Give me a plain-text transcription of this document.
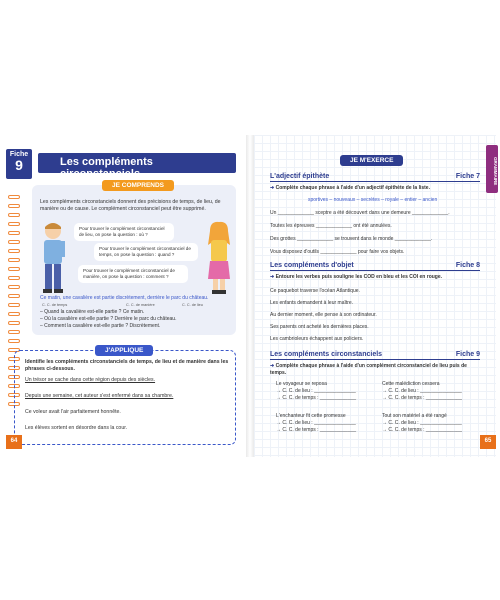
Fiche
9	Les compléments circonstanciels
JE COMPRENDS
Les compléments circonstanciels donnent des précisions de temps, de lieu, de manière ou de cause. Le complément circonstanciel peut être supprimé.
Pour trouver le complément circonstanciel de lieu, on pose la question : où ?
Pour trouver le complément circonstanciel de temps, on pose la question : quand ?
Pour trouver le complément circonstanciel de manière, on pose la question : comment ?
Ce matin, une cavalière est partie discrètement, derrière le parc du château.
C. C. de temps	C. C. de manière	C. C. de lieu
– Quand la cavalière est-elle partie ? Ce matin.
– Où la cavalière est-elle partie ? Derrière le parc du château.
– Comment la cavalière est-elle partie ? Discrètement.
J'APPLIQUE
Identifie les compléments circonstanciels de temps, de lieu et de manière dans les phrases ci-dessous.
Un trésor se cache dans cette région depuis des siècles.
Depuis une semaine, cet auteur s'est enfermé dans sa chambre.
Ce voleur avait l'air parfaitement honnête.
Les élèves sortent en désordre dans la cour.
64
GRAMMAIRE
JE M'EXERCE
L'adjectif épithète	Fiche 7
➜ Complète chaque phrase à l'aide d'un adjectif épithète de la liste.
sportives – nouveaux – secrètes – royale – entier – ancien
Un _____________ sceptre a été découvert dans une demeure _____________.
Toutes les épreuves _____________ ont été annulées.
Des grottes _____________ se trouvent dans le monde _____________.
Vous disposez d'outils _____________ pour faire vos objets.
Les compléments d'objet	Fiche 8
➜ Entoure les verbes puis souligne les COD en bleu et les COI en rouge.
Ce paquebot traverse l'océan Atlantique.
Les enfants demandent à leur maître.
Au dernier moment, elle pense à son ordinateur.
Ses parents ont acheté les dernières places.
Les cambrioleurs échappent aux policiers.
Les compléments circonstanciels	Fiche 9
➜ Complète chaque phrase à l'aide d'un complément circonstanciel de lieu puis de temps.
Le voyageur se reposa
→ C. C. de lieu : _______________
→ C. C. de temps : _____________
Cette malédiction cessera
→ C. C. de lieu : _______________
→ C. C. de temps : _____________
L'enchanteur fit cette promesse
→ C. C. de lieu : _______________
→ C. C. de temps : _____________
Tout son matériel a été rangé
→ C. C. de lieu : _______________
→ C. C. de temps : _____________
65
